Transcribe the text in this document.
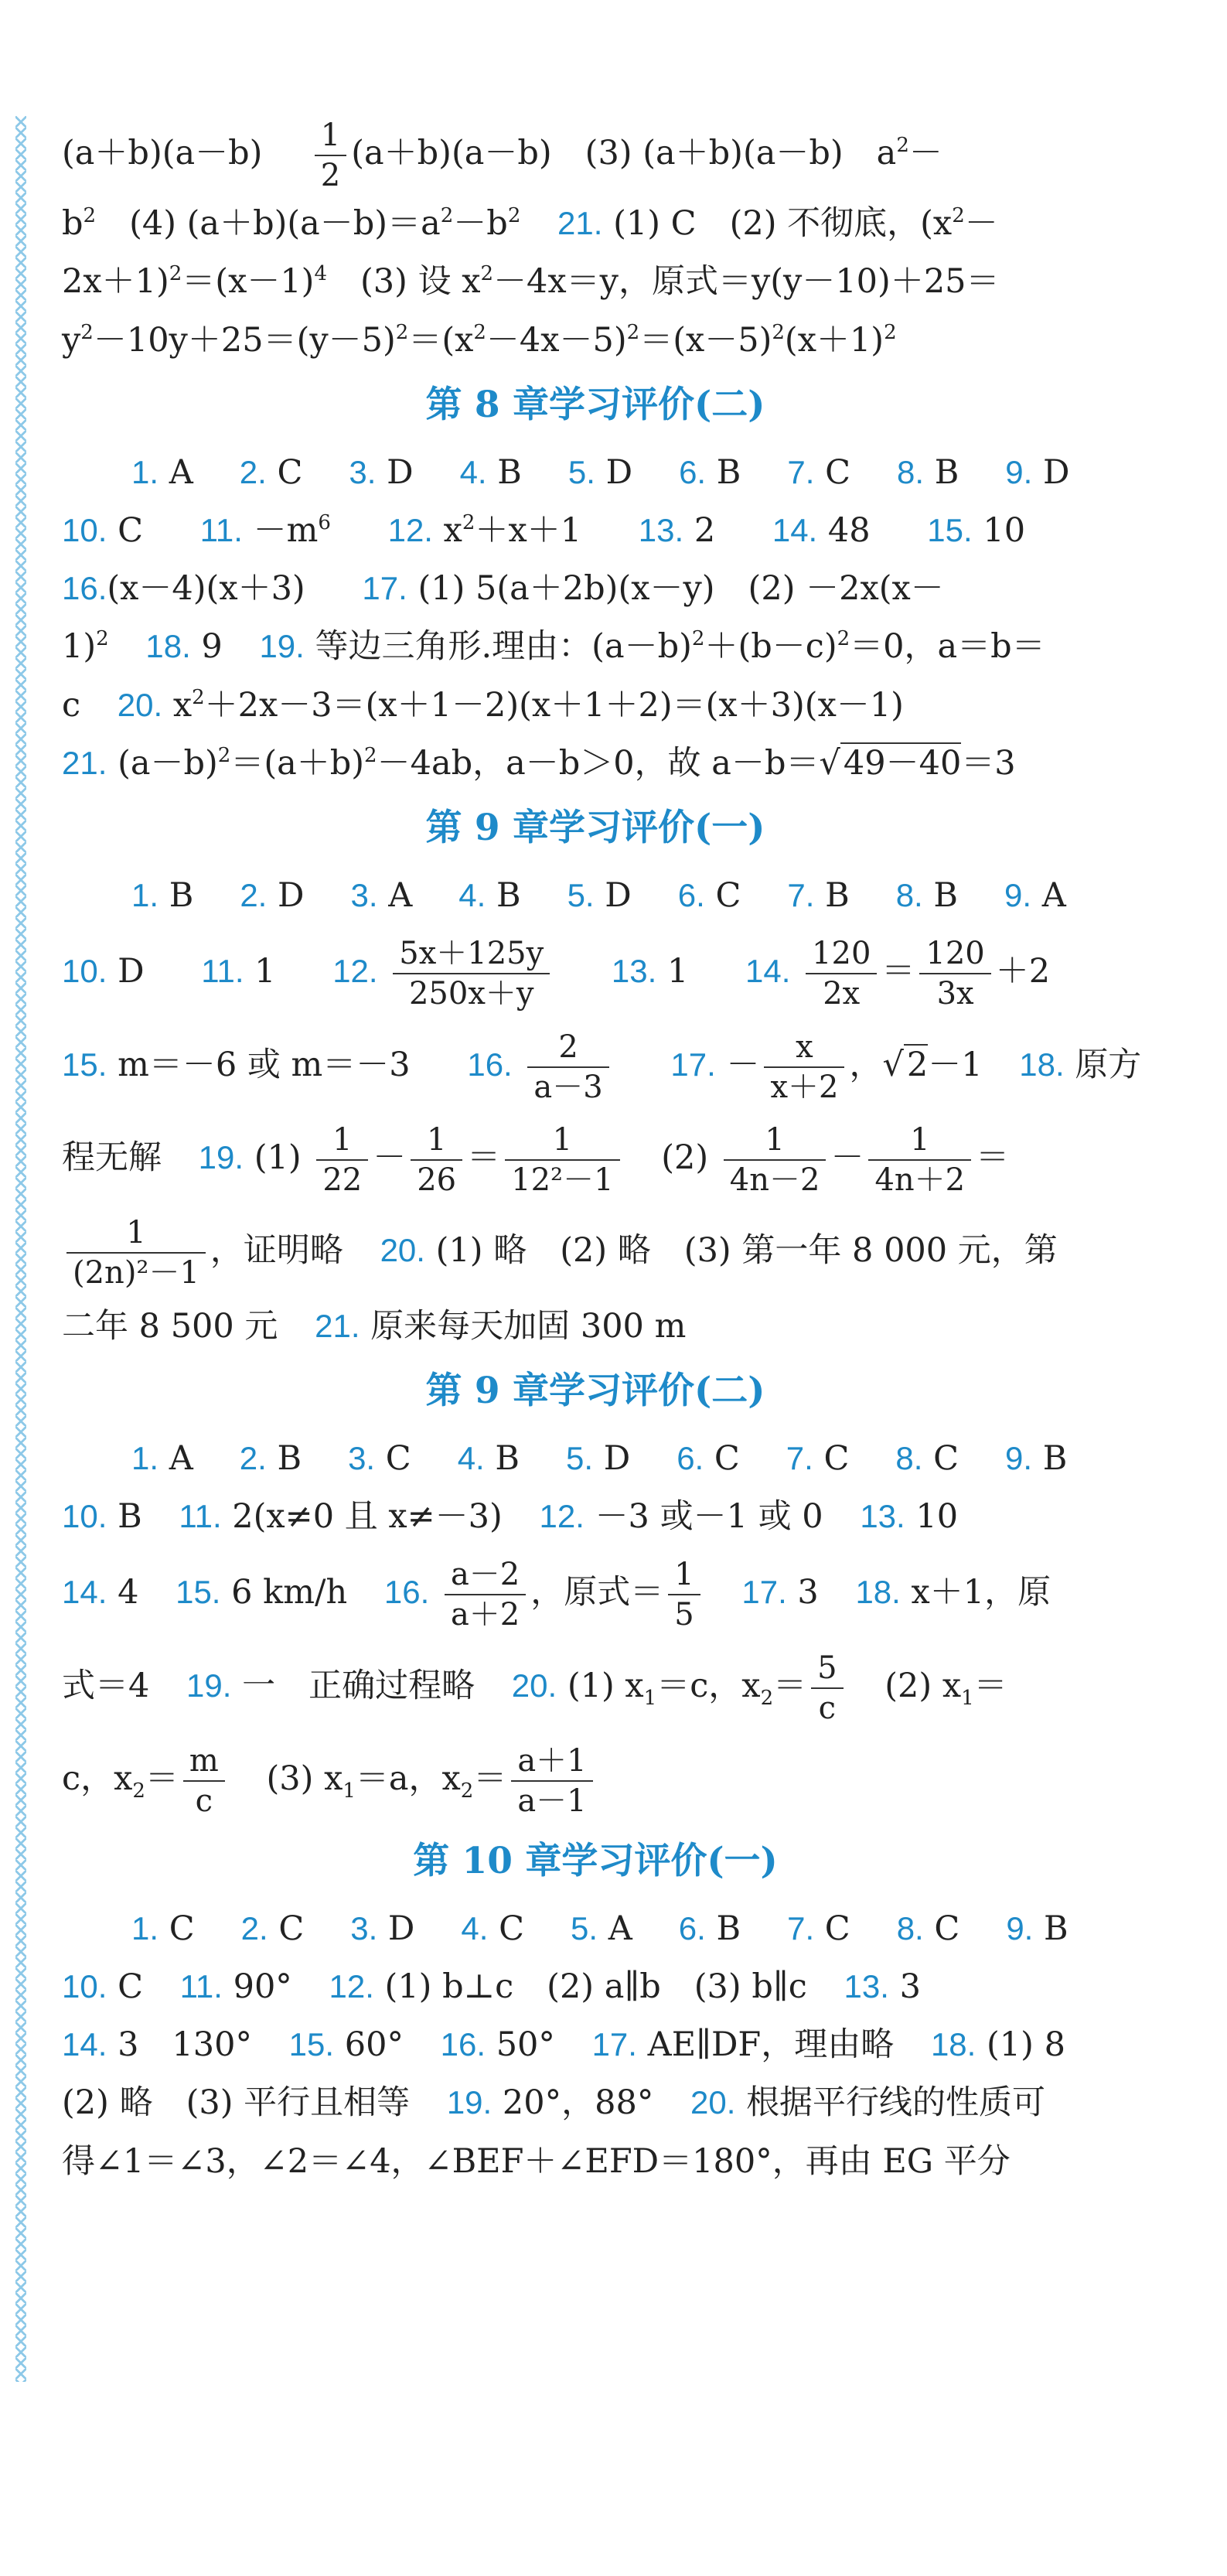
$(a+b)(a-b) \frac{1}{2} (a+b)(a-b)$　(3) (a＋b)(a－b)　$a^2-$
$b^2$　(4) $(a+b)(a-b)=a^2-b^2$ 21. (1) C　(2) 不彻底，($x^2-$
$2x+1)^2=(x-1)^4$　(3) 设 $x^2-4x=y$，原式＝y(y－10)＋25＝
$y^2-10y+25=(y-5)^2=(x^2-4x-5)^2=(x-5)^2(x+1)^2$
第 8 章学习评价(二)
1. A 2. C 3. D 4. B 5. D 6. B 7. C 8. B 9. D
10. C 11. $-m^6$ 12. $x^2+x+1$ 13. 2 14. 48 15. 10
16.(x－4)(x＋3) 17. (1) 5(a＋2b)(x－y)　(2) －2x(x－
1)$^2$ 18. 9 19. 等边三角形.理由：$(a-b)^2+(b-c)^2=0$，a＝b＝
c 20. $x^2+2x-3=(x+1-2)(x+1+2)=(x+3)(x-1)$
21. $(a-b)^2=(a+b)^2-4ab$，a－b＞0，故 a－b＝√49－40＝3
第 9 章学习评价(一)
1. B 2. D 3. A 4. B 5. D 6. C 7. B 8. B 9. A
10. D 11. 1 12. $\frac{5x+125y}{250x+y} 13$. 1 14. $\frac{120}{2x} = \frac{120}{3x} +2$
15. m＝－6 或 m＝－3 16. $\frac{2}{a-3} 17$. － $\frac{x}{x+2}$ ，√2－1 18. 原方
程无解 19. $(1) \frac{1}{22} - \frac{1}{26} = \frac{1}{\text{12²－1}} (2) \frac{1}{4n-2} - \frac{1}{4n+2}$ ＝
$\frac{1}{\text{(2n)²－1}}$ ，证明略 20. (1) 略　(2) 略　(3) 第一年 8 000 元，第
二年 8 500 元 21. 原来每天加固 300 m
第 9 章学习评价(二)
1. A 2. B 3. C 4. B 5. D 6. C 7. C 8. C 9. B
10. B 11. 2(x≠0 且 x≠－3) 12. －3 或－1 或 0 13. 10
14. 4 15. 6 km/h 16. $\frac{a-2}{a+2}$ ，原式＝ $\frac{1}{5} 17$. 3 18. x＋1，原
式＝4 19. 一　正确过程略 20. (1) $x_1=c$，$x_2= \frac{5}{c} (2)$ $x_1=$
c，$x_2= \frac{m}{c} (3)$ $x_1=a$，$x_2= \frac{a+1}{a-1}$
第 10 章学习评价(一)
1. C 2. C 3. D 4. C 5. A 6. B 7. C 8. C 9. B
10. C 11. 90° 12. (1) b⊥c　(2) a∥b　(3) b∥c 13. 3
14. 3　130° 15. 60° 16. 50° 17. AE∥DF，理由略 18. (1) 8
(2) 略　(3) 平行且相等 19. 20°，88° 20. 根据平行线的性质可
得∠1＝∠3，∠2＝∠4，∠BEF＋∠EFD＝180°，再由 EG 平分
